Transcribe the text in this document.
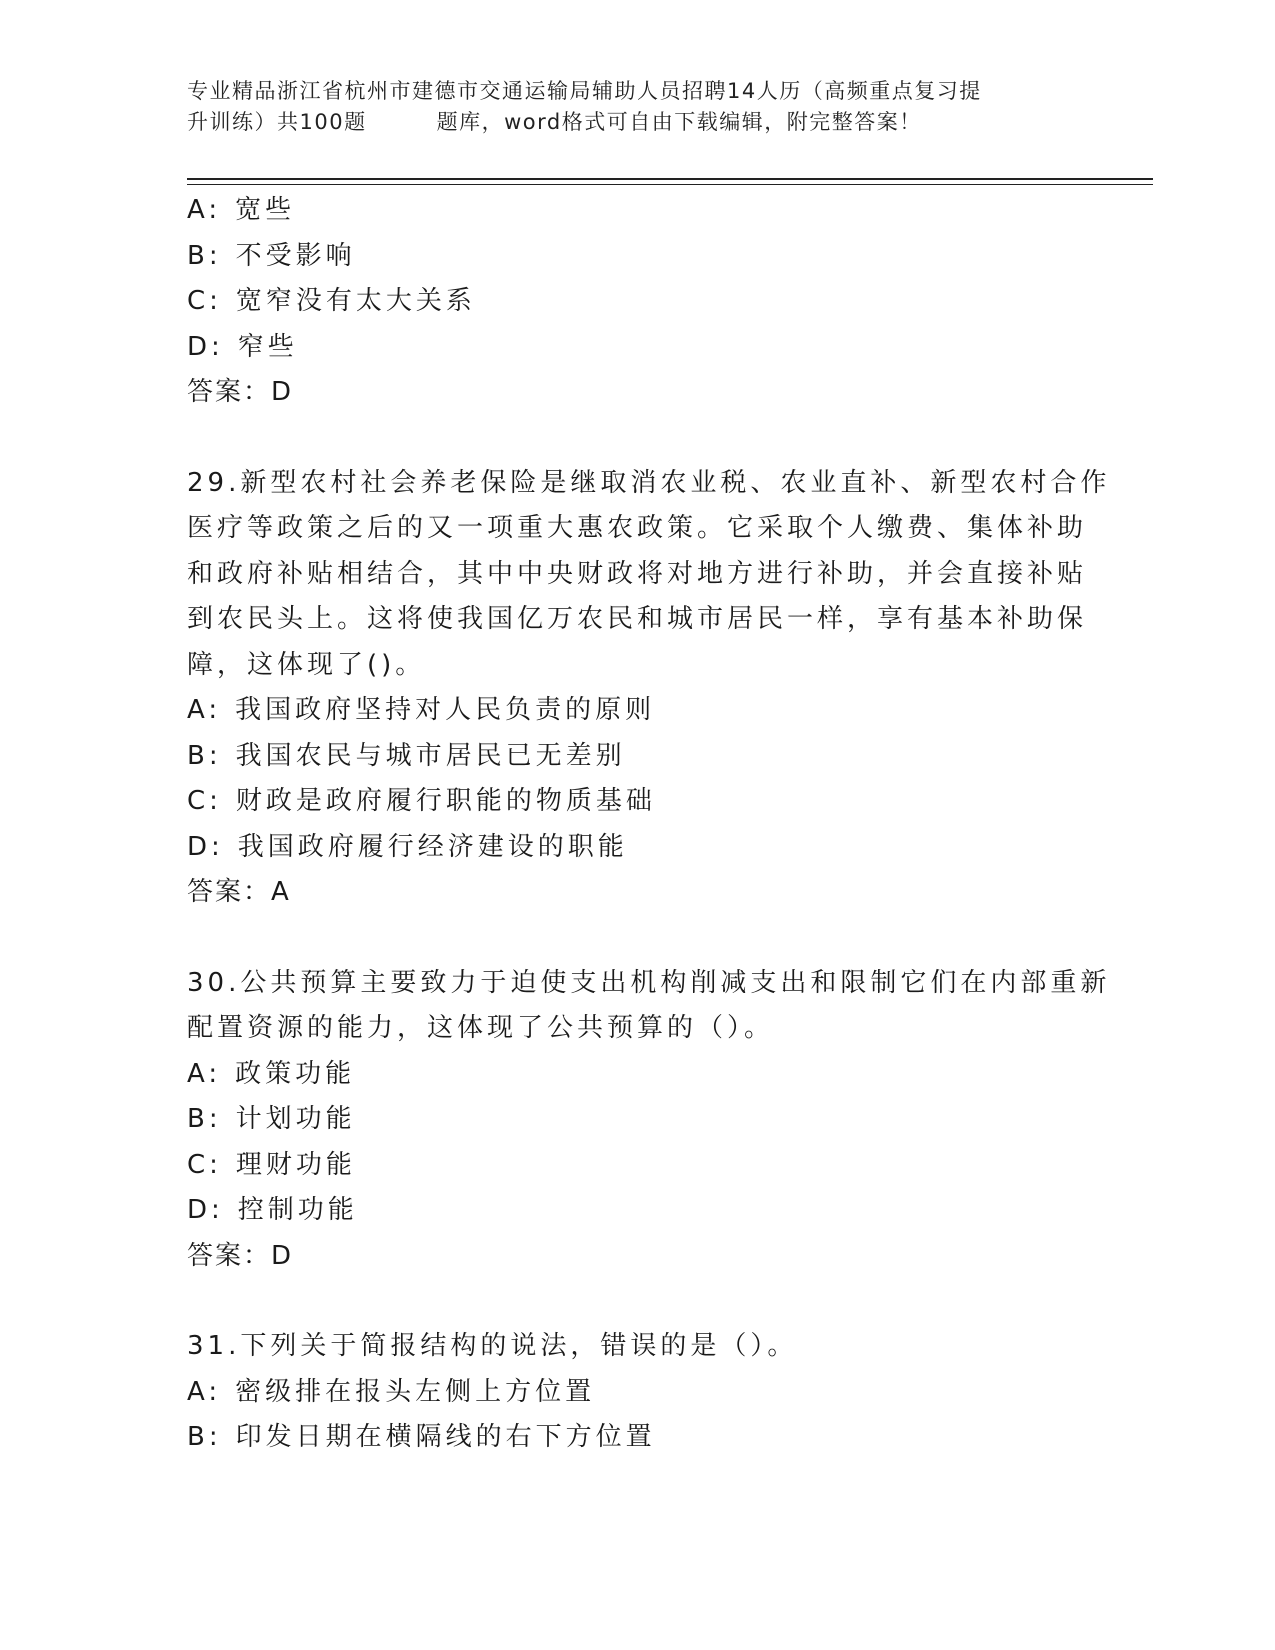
专业精品浙江省杭州市建德市交通运输局辅助人员招聘14人历（高频重点复习提
升训练）共100题	题库，word格式可自由下载编辑，附完整答案！

A: 宽些

B: 不受影响

C: 宽窄没有太大关系

D: 窄些

答案：D

29.新型农村社会养老保险是继取消农业税、农业直补、新型农村合作

医疗等政策之后的又一项重大惠农政策。它采取个人缴费、集体补助

和政府补贴相结合，其中中央财政将对地方进行补助，并会直接补贴

到农民头上。这将使我国亿万农民和城市居民一样，享有基本补助保

障，这体现了()。

A: 我国政府坚持对人民负责的原则

B: 我国农民与城市居民已无差别

C: 财政是政府履行职能的物质基础

D: 我国政府履行经济建设的职能

答案：A

30.公共预算主要致力于迫使支出机构削减支出和限制它们在内部重新

配置资源的能力，这体现了公共预算的（）。

A: 政策功能

B: 计划功能

C: 理财功能

D: 控制功能

答案：D

31.下列关于简报结构的说法，错误的是（）。

A: 密级排在报头左侧上方位置

B: 印发日期在横隔线的右下方位置
